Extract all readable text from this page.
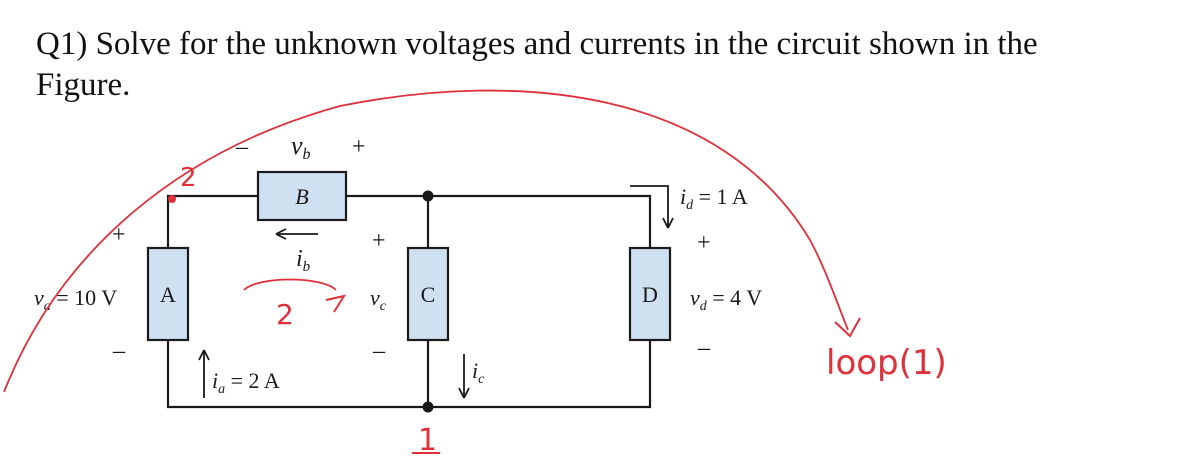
Q1) Solve for the unknown voltages and currents in the circuit shown in the Figure.
B
A	C	D
– vb +
$i_b$
+
$v_a = 10$ V
–
$i_a = 2$ A
+
$v_c$
–
$i_c$
$i_d = 1$ A
+
$v_d = 4$ V
–
2
1
2
loop(1)
